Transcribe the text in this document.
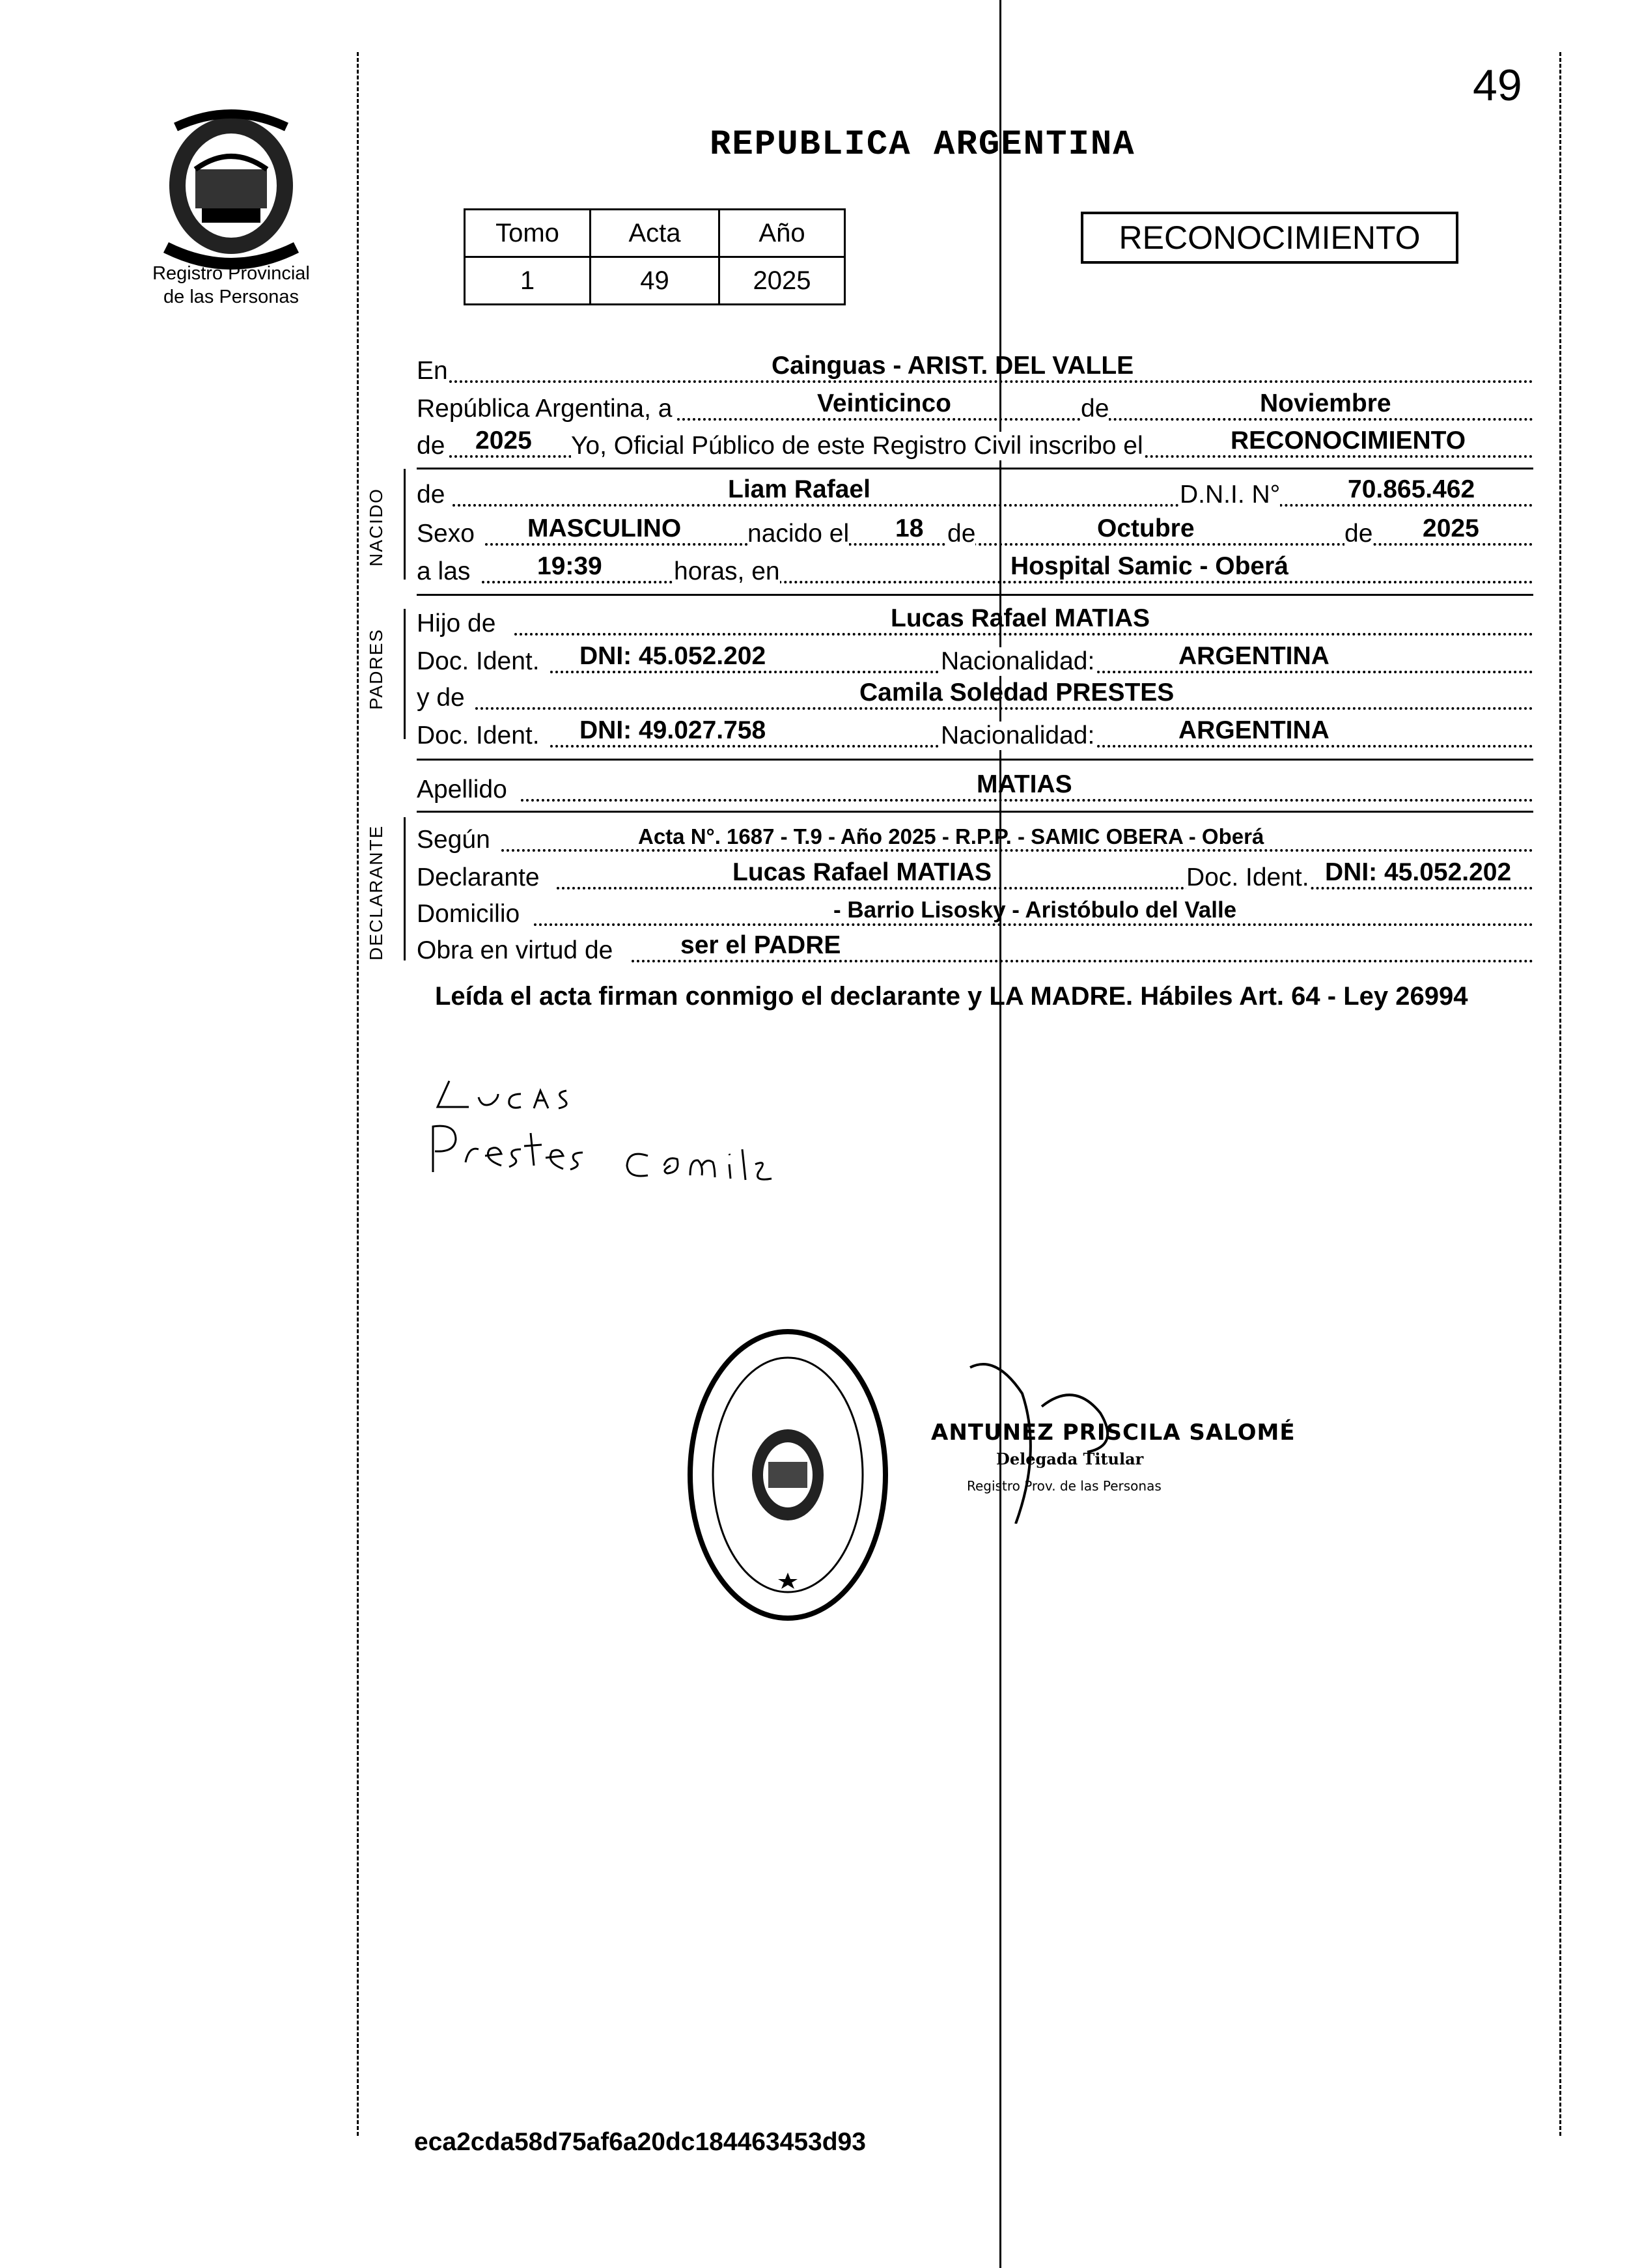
49
Registro Provincial
de las Personas
REPUBLICA ARGENTINA
Tomo	Acta	Año
1	49	2025
RECONOCIMIENTO
NACIDO
PADRES
DECLARANTE
En	Cainguas - ARIST. DEL VALLE
República Argentina, a	Veinticinco	de	Noviembre
de 2025 Yo, Oficial Público de este Registro Civil inscribo el	RECONOCIMIENTO
de	Liam Rafael	D.N.I. N°	70.865.462
Sexo MASCULINO	nacido el 18 de	Octubre	de 2025
a las	19:39	horas, en	Hospital Samic - Oberá
Hijo de	Lucas Rafael MATIAS
Doc. Ident. DNI: 45.052.202	Nacionalidad:	ARGENTINA
y de	Camila Soledad PRESTES
Doc. Ident. DNI: 49.027.758	Nacionalidad:	ARGENTINA
Apellido	MATIAS
Según	Acta N°. 1687 - T.9 - Año 2025 - R.P.P. - SAMIC OBERA - Oberá
Declarante	Lucas Rafael MATIAS	Doc. Ident. DNI: 45.052.202
Domicilio	- Barrio Lisosky - Aristóbulo del Valle
Obra en virtud de	ser el PADRE
Leída el acta firman conmigo el declarante y LA MADRE. Hábiles Art. 64 - Ley 26994
ANTUNEZ PRISCILA SALOMÉ
Delegada Titular
Registro Prov. de las Personas
eca2cda58d75af6a20dc184463453d93
